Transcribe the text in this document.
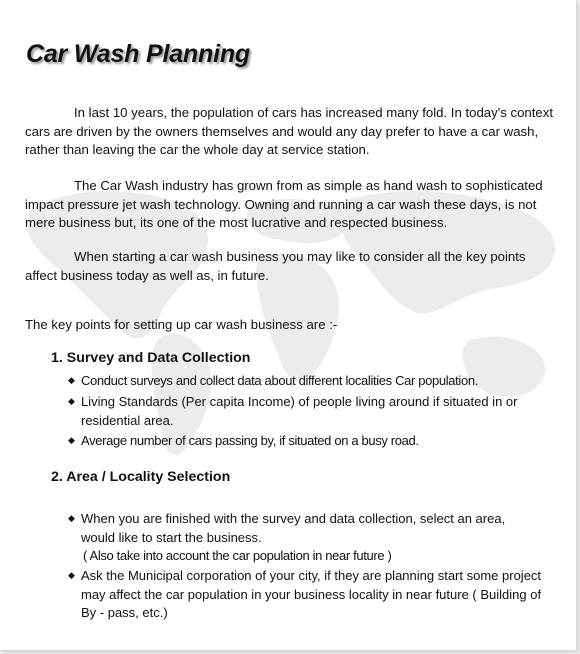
Car Wash Planning

In last 10 years, the population of cars has increased many fold. In today's context cars are driven by the owners themselves and would any day prefer to have a car wash, rather than leaving the car the whole day at service station.

The Car Wash industry has grown from as simple as hand wash to sophisticated impact pressure jet wash technology. Owning and running a car wash these days, is not mere business but, its one of the most lucrative and respected business.

When starting a car wash business you may like to consider all the key points affect business today as well as, in future.

The key points for setting up car wash business are :-

1. Survey and Data Collection
◆ Conduct surveys and collect data about different localities Car population.
◆ Living Standards (Per capita Income) of people living around if situated in or residential area.
◆ Average number of cars passing by, if situated on a busy road.
2. Area / Locality Selection
◆ When you are finished with the survey and data collection, select an area, would like to start the business.
( Also take into account the car population in near future )
◆ Ask the Municipal corporation of your city, if they are planning start some project may affect the car population in your business locality in near future ( Building of By - pass, etc.)
